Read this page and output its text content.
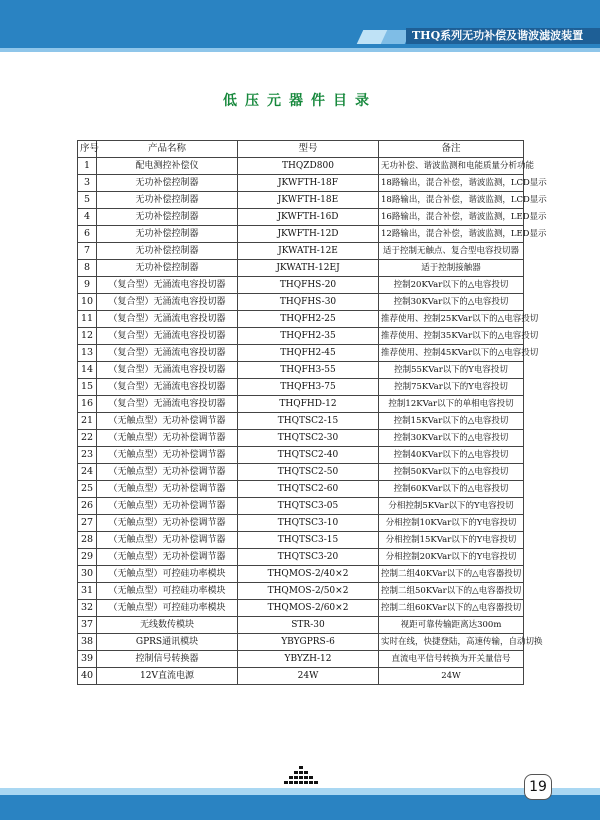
THQ系列无功补偿及谐波滤波装置
低压元器件目录
序号	产品名称	型号	备注
1	配电测控补偿仪	THQZD800	无功补偿、谐波监测和电能质量分析功能
3	无功补偿控制器	JKWFTH-18F	18路输出，混合补偿，谐波监测，LCD显示
5	无功补偿控制器	JKWFTH-18E	18路输出，混合补偿，谐波监测，LCD显示
4	无功补偿控制器	JKWFTH-16D	16路输出，混合补偿，谐波监测，LED显示
6	无功补偿控制器	JKWFTH-12D	12路输出，混合补偿，谐波监测，LED显示
7	无功补偿控制器	JKWATH-12E	适于控制无触点、复合型电容投切器
8	无功补偿控制器	JKWATH-12EJ	适于控制接触器
9	（复合型）无涌流电容投切器	THQFHS-20	控制20KVar以下的△电容投切
10	（复合型）无涌流电容投切器	THQFHS-30	控制30KVar以下的△电容投切
11	（复合型）无涌流电容投切器	THQFH2-25	推荐使用、控制25KVar以下的△电容投切
12	（复合型）无涌流电容投切器	THQFH2-35	推荐使用、控制35KVar以下的△电容投切
13	（复合型）无涌流电容投切器	THQFH2-45	推荐使用、控制45KVar以下的△电容投切
14	（复合型）无涌流电容投切器	THQFH3-55	控制55KVar以下的Y电容投切
15	（复合型）无涌流电容投切器	THQFH3-75	控制75KVar以下的Y电容投切
16	（复合型）无涌流电容投切器	THQFHD-12	控制12KVar以下的单相电容投切
21	（无触点型）无功补偿调节器	THQTSC2-15	控制15KVar以下的△电容投切
22	（无触点型）无功补偿调节器	THQTSC2-30	控制30KVar以下的△电容投切
23	（无触点型）无功补偿调节器	THQTSC2-40	控制40KVar以下的△电容投切
24	（无触点型）无功补偿调节器	THQTSC2-50	控制50KVar以下的△电容投切
25	（无触点型）无功补偿调节器	THQTSC2-60	控制60KVar以下的△电容投切
26	（无触点型）无功补偿调节器	THQTSC3-05	分相控制5KVar以下的Y电容投切
27	（无触点型）无功补偿调节器	THQTSC3-10	分相控制10KVar以下的Y电容投切
28	（无触点型）无功补偿调节器	THQTSC3-15	分相控制15KVar以下的Y电容投切
29	（无触点型）无功补偿调节器	THQTSC3-20	分相控制20KVar以下的Y电容投切
30	（无触点型）可控硅功率模块	THQMOS-2/40×2	控制二组40KVar以下的△电容器投切
31	（无触点型）可控硅功率模块	THQMOS-2/50×2	控制二组50KVar以下的△电容器投切
32	（无触点型）可控硅功率模块	THQMOS-2/60×2	控制二组60KVar以下的△电容器投切
37	无线数传模块	STR-30	视距可靠传输距离达300m
38	GPRS通讯模块	YBYGPRS-6	实时在线，快捷登陆，高速传输，自动切换
39	控制信号转换器	YBYZH-12	直流电平信号转换为开关量信号
40	12V直流电源	24W	24W
19
